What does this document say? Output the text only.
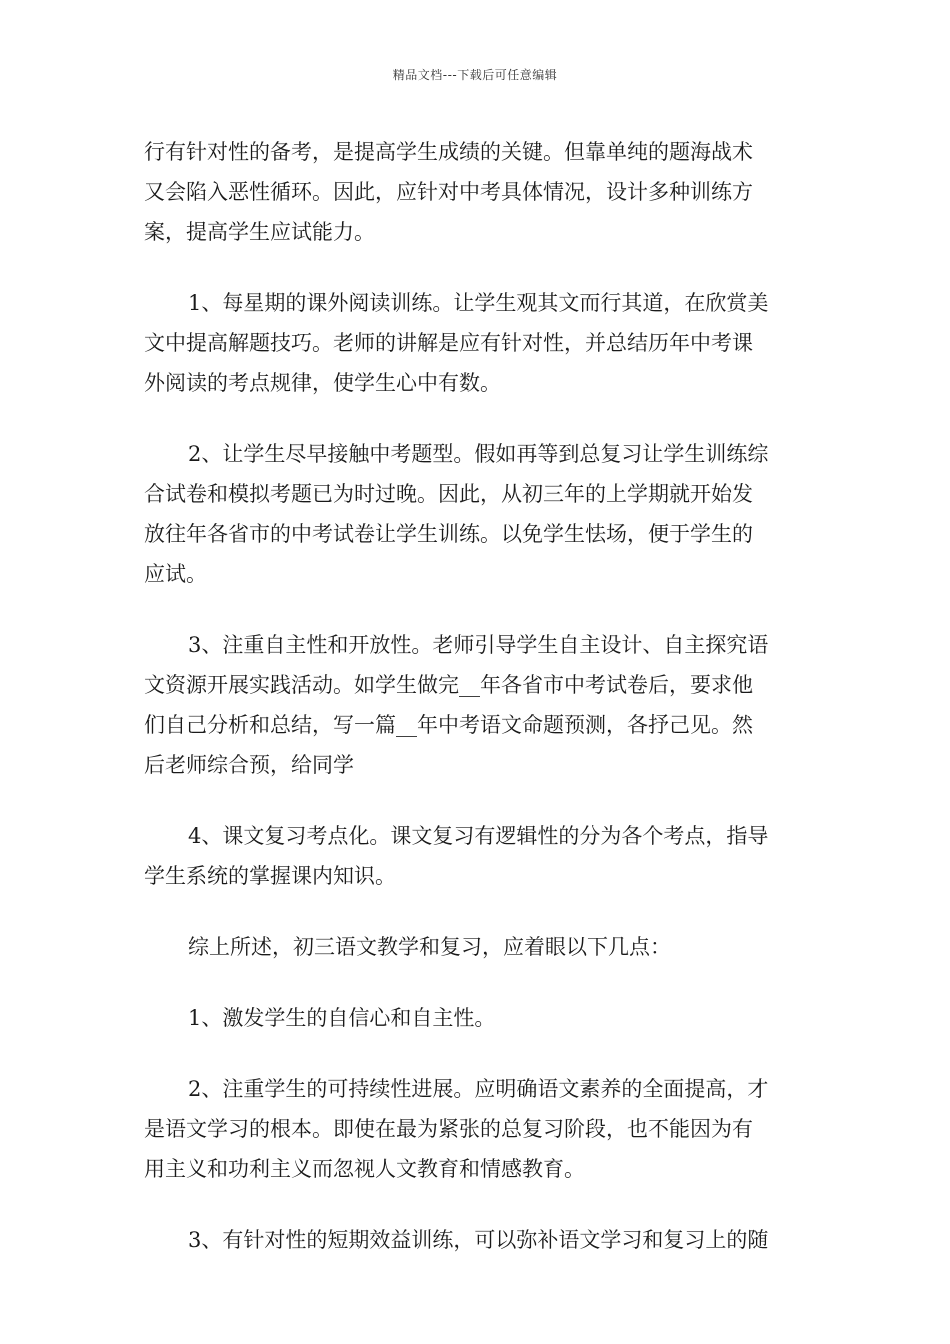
精品文档---下载后可任意编辑
行有针对性的备考，是提高学生成绩的关键。但靠单纯的题海战术
又会陷入恶性循环。因此，应针对中考具体情况，设计多种训练方
案，提高学生应试能力。
1、每星期的课外阅读训练。让学生观其文而行其道，在欣赏美
文中提高解题技巧。老师的讲解是应有针对性，并总结历年中考课
外阅读的考点规律，使学生心中有数。
2、让学生尽早接触中考题型。假如再等到总复习让学生训练综
合试卷和模拟考题已为时过晚。因此，从初三年的上学期就开始发
放往年各省市的中考试卷让学生训练。以免学生怯场，便于学生的
应试。
3、注重自主性和开放性。老师引导学生自主设计、自主探究语
文资源开展实践活动。如学生做完__年各省市中考试卷后，要求他
们自己分析和总结，写一篇__年中考语文命题预测，各抒己见。然
后老师综合预，给同学
4、课文复习考点化。课文复习有逻辑性的分为各个考点，指导
学生系统的掌握课内知识。
综上所述，初三语文教学和复习，应着眼以下几点：
1、激发学生的自信心和自主性。
2、注重学生的可持续性进展。应明确语文素养的全面提高，才
是语文学习的根本。即使在最为紧张的总复习阶段，也不能因为有
用主义和功利主义而忽视人文教育和情感教育。
3、有针对性的短期效益训练，可以弥补语文学习和复习上的随
